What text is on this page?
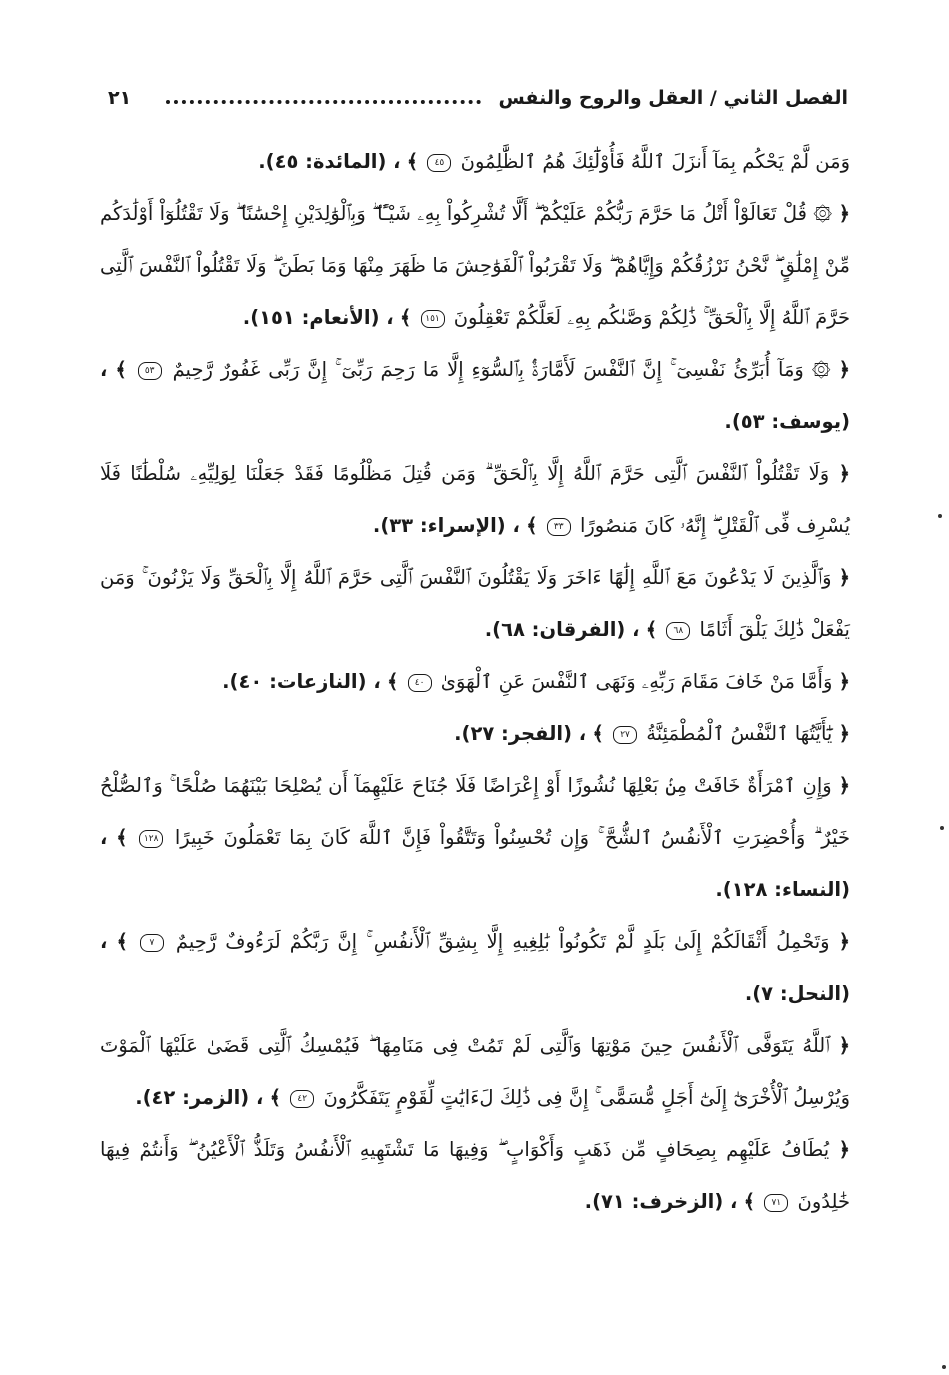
الفصل الثاني / العقل والروح والنفس
٢١

وَمَن لَّمْ يَحْكُم بِمَآ أَنزَلَ ٱللَّهُ فَأُوْلَٰٓئِكَ هُمُ ٱلظَّٰلِمُونَ ٤٥ ﴾ ، (المائدة: ٤٥).

﴿ ۞ قُلْ تَعَالَوْاْ أَتْلُ مَا حَرَّمَ رَبُّكُمْ عَلَيْكُمْ ۖ أَلَّا تُشْرِكُواْ بِهِۦ شَيْـًٔا ۖ وَبِٱلْوَٰلِدَيْنِ إِحْسَٰنًا ۖ وَلَا تَقْتُلُوٓاْ أَوْلَٰدَكُم مِّنْ إِمْلَٰقٍ ۖ نَّحْنُ نَرْزُقُكُمْ وَإِيَّاهُمْ ۖ وَلَا تَقْرَبُواْ ٱلْفَوَٰحِشَ مَا ظَهَرَ مِنْهَا وَمَا بَطَنَ ۖ وَلَا تَقْتُلُواْ ٱلنَّفْسَ ٱلَّتِى حَرَّمَ ٱللَّهُ إِلَّا بِٱلْحَقِّ ۚ ذَٰلِكُمْ وَصَّىٰكُم بِهِۦ لَعَلَّكُمْ تَعْقِلُونَ ١٥١ ﴾ ، (الأنعام: ١٥١).

﴿ ۞ وَمَآ أُبَرِّئُ نَفْسِىٓ ۚ إِنَّ ٱلنَّفْسَ لَأَمَّارَةٌۢ بِٱلسُّوٓءِ إِلَّا مَا رَحِمَ رَبِّىٓ ۚ إِنَّ رَبِّى غَفُورٌ رَّحِيمٌ ٥٣ ﴾ ، (يوسف: ٥٣).

﴿ وَلَا تَقْتُلُواْ ٱلنَّفْسَ ٱلَّتِى حَرَّمَ ٱللَّهُ إِلَّا بِٱلْحَقِّ ۗ وَمَن قُتِلَ مَظْلُومًا فَقَدْ جَعَلْنَا لِوَلِيِّهِۦ سُلْطَٰنًا فَلَا يُسْرِف فِّى ٱلْقَتْلِ ۖ إِنَّهُۥ كَانَ مَنصُورًا ٣٣ ﴾ ، (الإسراء: ٣٣).

﴿ وَٱلَّذِينَ لَا يَدْعُونَ مَعَ ٱللَّهِ إِلَٰهًا ءَاخَرَ وَلَا يَقْتُلُونَ ٱلنَّفْسَ ٱلَّتِى حَرَّمَ ٱللَّهُ إِلَّا بِٱلْحَقِّ وَلَا يَزْنُونَ ۚ وَمَن يَفْعَلْ ذَٰلِكَ يَلْقَ أَثَامًا ٦٨ ﴾ ، (الفرقان: ٦٨).

﴿ وَأَمَّا مَنْ خَافَ مَقَامَ رَبِّهِۦ وَنَهَى ٱلنَّفْسَ عَنِ ٱلْهَوَىٰ ٤٠ ﴾ ، (النازعات: ٤٠).

﴿ يَٰٓأَيَّتُهَا ٱلنَّفْسُ ٱلْمُطْمَئِنَّةُ ٢٧ ﴾ ، (الفجر: ٢٧).

﴿ وَإِنِ ٱمْرَأَةٌ خَافَتْ مِنۢ بَعْلِهَا نُشُوزًا أَوْ إِعْرَاضًا فَلَا جُنَاحَ عَلَيْهِمَآ أَن يُصْلِحَا بَيْنَهُمَا صُلْحًا ۚ وَٱلصُّلْحُ خَيْرٌ ۗ وَأُحْضِرَتِ ٱلْأَنفُسُ ٱلشُّحَّ ۚ وَإِن تُحْسِنُواْ وَتَتَّقُواْ فَإِنَّ ٱللَّهَ كَانَ بِمَا تَعْمَلُونَ خَبِيرًا ١٢٨ ﴾ ، (النساء: ١٢٨).

﴿ وَتَحْمِلُ أَثْقَالَكُمْ إِلَىٰ بَلَدٍ لَّمْ تَكُونُواْ بَٰلِغِيهِ إِلَّا بِشِقِّ ٱلْأَنفُسِ ۚ إِنَّ رَبَّكُمْ لَرَءُوفٌ رَّحِيمٌ ٧ ﴾ ، (النحل: ٧).

﴿ ٱللَّهُ يَتَوَفَّى ٱلْأَنفُسَ حِينَ مَوْتِهَا وَٱلَّتِى لَمْ تَمُتْ فِى مَنَامِهَا ۖ فَيُمْسِكُ ٱلَّتِى قَضَىٰ عَلَيْهَا ٱلْمَوْتَ وَيُرْسِلُ ٱلْأُخْرَىٰٓ إِلَىٰٓ أَجَلٍ مُّسَمًّى ۚ إِنَّ فِى ذَٰلِكَ لَءَايَٰتٍ لِّقَوْمٍ يَتَفَكَّرُونَ ٤٢ ﴾ ، (الزمر: ٤٢).

﴿ يُطَافُ عَلَيْهِم بِصِحَافٍ مِّن ذَهَبٍ وَأَكْوَابٍ ۖ وَفِيهَا مَا تَشْتَهِيهِ ٱلْأَنفُسُ وَتَلَذُّ ٱلْأَعْيُنُ ۖ وَأَنتُمْ فِيهَا خَٰلِدُونَ ٧١ ﴾ ، (الزخرف: ٧١).
